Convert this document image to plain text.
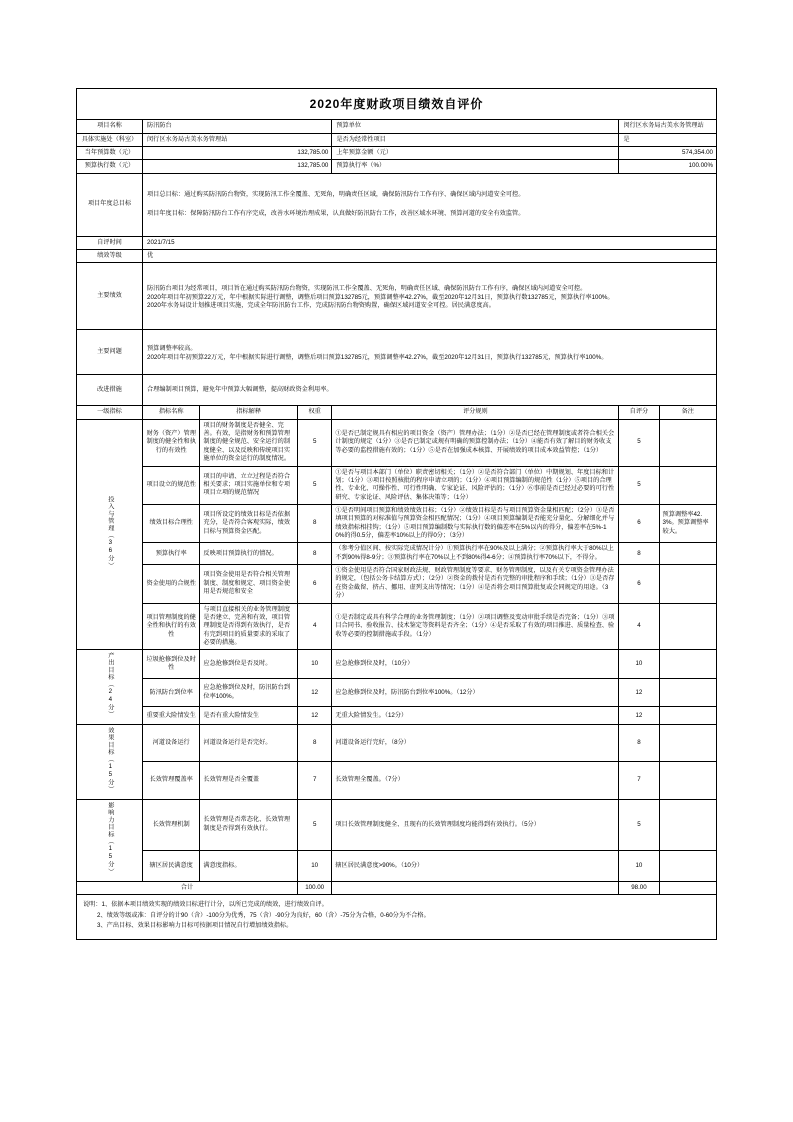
2020年度财政项目绩效自评价						
项目名称	防汛防台			预算单位	闵行区水务局古美水务管理站	
具体实施处（科室）	闵行区水务局古美水务管理站			是否为经常性项目	是	
当年预算数（元）	132,785.00			上年预算金额（元）	574,354.00	
预算执行数（元）	132,785.00			预算执行率（%）	100.00%	
项目年度总目标	项目总目标：通过购买防汛防台物资，实现防汛工作全覆盖、无死角，明确责任区域，确保防汛防台工作有序、确保区域内河道安全可控。
项目年度目标：保障防汛防台工作有序完成，改善水环境治理成果，认真做好防汛防台工作，改善区域水环境、预算河道的安全有效监管。					

自评时间	2021/7/15					
绩效等级	优					
主要绩效	防汛防台项目为经常项目，项目旨在通过购买防汛防台物资，实现防汛工作全覆盖、无死角，明确责任区域、确保防汛防台工作有序，确保区域内河道安全可控。
2020年项目年初预算22万元，年中根据实际进行调整，调整后项目预算132785元，预算调整率42.27%，截至2020年12月31日，预算执行数132785元，预算执行率100%。
2020年水务局设计划推进项目实施，完成全年防汛防台工作，完成防汛防台物资购置，确保区域河道安全可控。居民满意度高。					

主要问题	预算调整率较高。
2020年项目年初预算22万元，年中根据实际进行调整，调整后项目预算132785元，预算调整率42.27%，截至2020年12月31日，预算执行132785元，预算执行率100%。					

改进措施	合理编制项目预算，避免年中预算大幅调整，提高财政资金利用率。					
一级指标	指标名称	指标解释	权重	评分规则	自评分	备注
投入与管理（36分）	财务（资产）管理制度的健全性和执行的有效性	项目的财务制度是否健全、完善。有效，是指财务和预算管理制度的健全规范、安全运行的制度健全、以及反映和传统项目实施单位的资金运行的制度情况。	5	①是否已制定规具有相应的项目资金（资产）管理办法；（1分）②是否已经在管理制度或者符合相关会计制度的规定（1分）③是否已制定或规有明确的预算控制办法；（1分）④能否有效了解目的财务收支等必要的监控措施有效的；（1分）⑤是否在加强成本核算、开展绩效的项目成本效益管控；（1分）	5	
	项目设立的规范性	项目的申请、立立过程是否符合相关要求；项目实施单位和专项项目立项的规范情况	5	①是否与项目本部门（单位）职责密切相关；（1分）②是否符合部门（单位）中期规划、年度目标和计划；（1分）③项目按照核批的程序申请立项的；（1分）④项目预算编制的规范性（1分）⑤项目的合理性、专业化、可操作性、可行性明确、专家论证、风险评估的；（1分）⑥事前是否已经过必要的可行性研究、专家论证、风险评估、集体决策等；（1分）	5	
	绩效目标合理性	项目所设定的绩效目标是否依据充分，是否符合客观实际，绩效目标与预算资金匹配。	8	①是否明间项目预算和绩效绩效目标；（1分）②绩效目标是否与项目预算资金量相匹配；（2分）③是否填项目预算的对标准值与预算资金相匹配情况；（1分）④项目预算编制是否能充分量化、分解细化并与绩效指标相挂钩；（1分）⑤项目预算编制数与实际执行数的偏差率在5%以内的得分，偏差率在5%-10%的得0.5分，偏差率10%以上的得0分；（3分）	6	预算调整率42.3%。预算调整率较大。
	预算执行率	反映项目预算执行的情况。	8	（参考分值区间、按实际完成情况计分）①预算执行率在90%及以上满分；②预算执行率大于80%以上不到90%得8-9分；③预算执行率在70%以上不到80%得4-6分；④预算执行率70%以下，不得分。	8	
	资金使用的合规性	项目资金使用是否符合相关管理制度、制度和规定、项目资金使用是否规范和安全	6	①资金使用是否符合国家财政法规、财政管理制度等要求、财务管理制度，以及有关专项资金管理办法的规定，（包括公务卡结算方式）；（2分）②资金的拨付是否有完整的审批程序和手续；（1分）③是否存在资金截留、挤占、挪用、虚列支出等情况；（1分）④是否将会项目预算批复或会同规定的用途。（3分）	6	
	项目管理制度的健全性和执行的有效性	与项目直接相关的业务管理制度是否建立、完善和有效，项目管理制度是否得到有效执行，是否有完到项目的质量要求的采取了必要的措施。	4	①是否制定或具有科学合理的业务管理制度；（1分）②项目调整及变动审批手续是否完备；（1分）③项目合同书、验收报告、技术鉴定等资料是否齐全；（1分）④是否采取了有效的项目推进、质量检查、验收等必要的控制措施或手段。（1分）	4	
产出目标（24分）	垃圾抢修到位及时性	应急抢修到位是否及时。	10	应急抢修到位及时，（10分）	10	
	防汛防台到位率	应急抢修到位及时，防汛防台到位率100%。	12	应急抢修到位及时，防汛防台到位率100%。（12分）	12	
	重要重大险情发生	是否有重大险情发生	12	无重大险情发生。（12分）	12	
效果目标（15分）	河道设备运行	河道设备运行是否完好。	8	河道设备运行完好，（8分）	8	
	长效管理覆盖率	长效管理是否全覆盖	7	长效管理全覆盖。（7分）	7	
影响力目标（15分）	长效管理机制	长效管理是否常态化、长效管理制度是否得到有效执行。	5	项目长效管理制度健全、且现有的长效管理制度均能得到有效执行。（5分）	5	
	辖区居民满意度	满意度指标。	10	辖区居民满意度>90%。（10分）	10	
合计			100.00		98.00	
说明：1、依据本项目绩效实现的绩效目标进行计分，以所已完成的绩效，进行绩效自评。
2、绩效等级或准：自评分的计90（含）-100分为优秀，75（含）-90分为良好，60（含）-75分为合格，0-60分为不合格。
3、产出目标、效果目标影响力目标可按据项目情况自行增加绩效指标。
